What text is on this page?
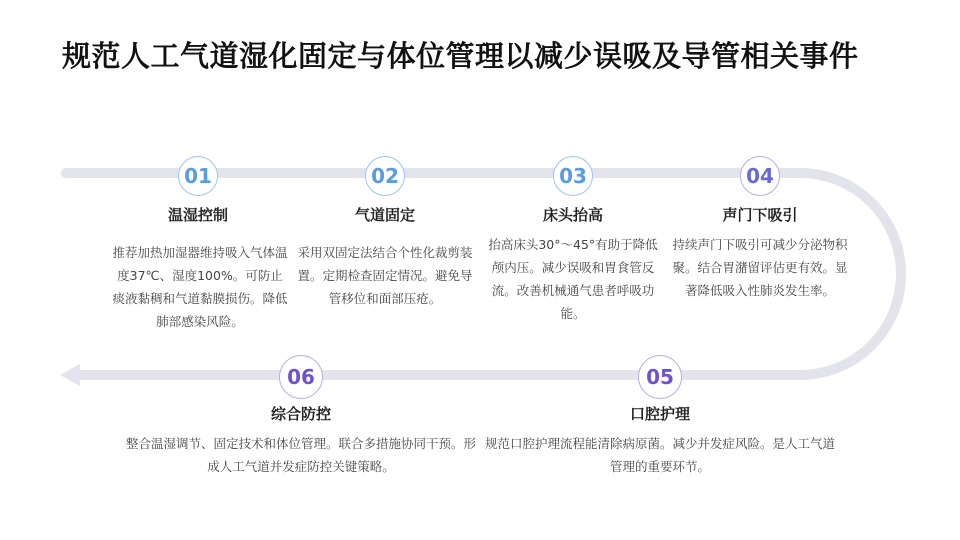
规范人工气道湿化固定与体位管理以减少误吸及导管相关事件
01
温湿控制
推荐加热加湿器维持吸入气体温度37℃、湿度100%。可防止痰液黏稠和气道黏膜损伤。降低肺部感染风险。
02
气道固定
采用双固定法结合个性化裁剪装置。定期检查固定情况。避免导管移位和面部压疮。
03
床头抬高
抬高床头30°～45°有助于降低颅内压。减少误吸和胃食管反流。改善机械通气患者呼吸功能。
04
声门下吸引
持续声门下吸引可减少分泌物积聚。结合胃潴留评估更有效。显著降低吸入性肺炎发生率。
05
口腔护理
规范口腔护理流程能清除病原菌。减少并发症风险。是人工气道管理的重要环节。
06
综合防控
整合温湿调节、固定技术和体位管理。联合多措施协同干预。形成人工气道并发症防控关键策略。
